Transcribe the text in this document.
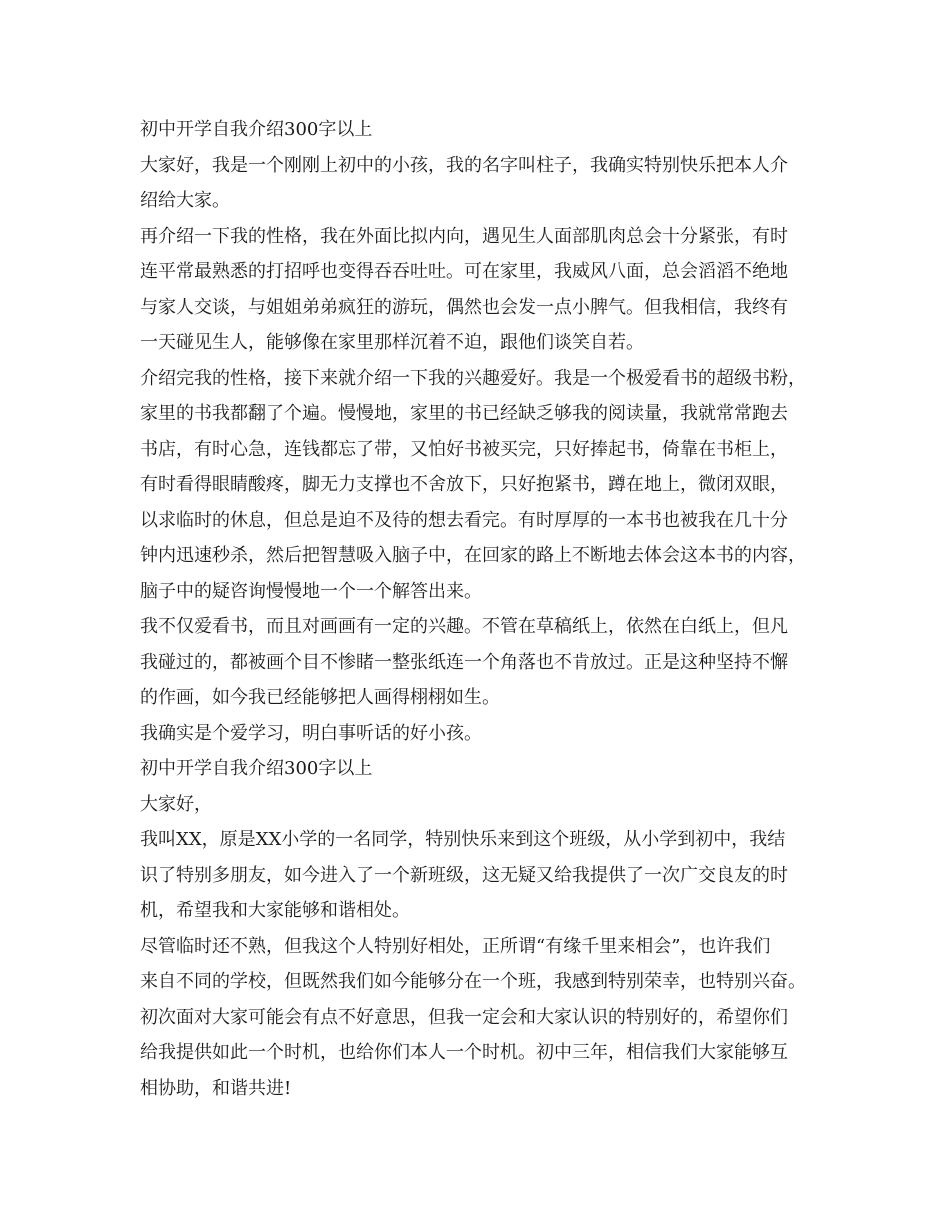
初中开学自我介绍300字以上
大家好，我是一个刚刚上初中的小孩，我的名字叫柱子，我确实特别快乐把本人介
绍给大家。
再介绍一下我的性格，我在外面比拟内向，遇见生人面部肌肉总会十分紧张，有时
连平常最熟悉的打招呼也变得吞吞吐吐。可在家里，我威风八面，总会滔滔不绝地
与家人交谈，与姐姐弟弟疯狂的游玩，偶然也会发一点小脾气。但我相信，我终有
一天碰见生人，能够像在家里那样沉着不迫，跟他们谈笑自若。
介绍完我的性格，接下来就介绍一下我的兴趣爱好。我是一个极爱看书的超级书粉，
家里的书我都翻了个遍。慢慢地，家里的书已经缺乏够我的阅读量，我就常常跑去
书店，有时心急，连钱都忘了带，又怕好书被买完，只好捧起书，倚靠在书柜上，
有时看得眼睛酸疼，脚无力支撑也不舍放下，只好抱紧书，蹲在地上，微闭双眼，
以求临时的休息，但总是迫不及待的想去看完。有时厚厚的一本书也被我在几十分
钟内迅速秒杀，然后把智慧吸入脑子中，在回家的路上不断地去体会这本书的内容，
脑子中的疑咨询慢慢地一个一个解答出来。
我不仅爱看书，而且对画画有一定的兴趣。不管在草稿纸上，依然在白纸上，但凡
我碰过的，都被画个目不惨睹一整张纸连一个角落也不肯放过。正是这种坚持不懈
的作画，如今我已经能够把人画得栩栩如生。
我确实是个爱学习，明白事听话的好小孩。
初中开学自我介绍300字以上
大家好，
我叫XX，原是XX小学的一名同学，特别快乐来到这个班级，从小学到初中，我结
识了特别多朋友，如今进入了一个新班级，这无疑又给我提供了一次广交良友的时
机，希望我和大家能够和谐相处。
尽管临时还不熟，但我这个人特别好相处，正所谓“有缘千里来相会”，也许我们
来自不同的学校，但既然我们如今能够分在一个班，我感到特别荣幸，也特别兴奋。
初次面对大家可能会有点不好意思，但我一定会和大家认识的特别好的，希望你们
给我提供如此一个时机，也给你们本人一个时机。初中三年，相信我们大家能够互
相协助，和谐共进!
